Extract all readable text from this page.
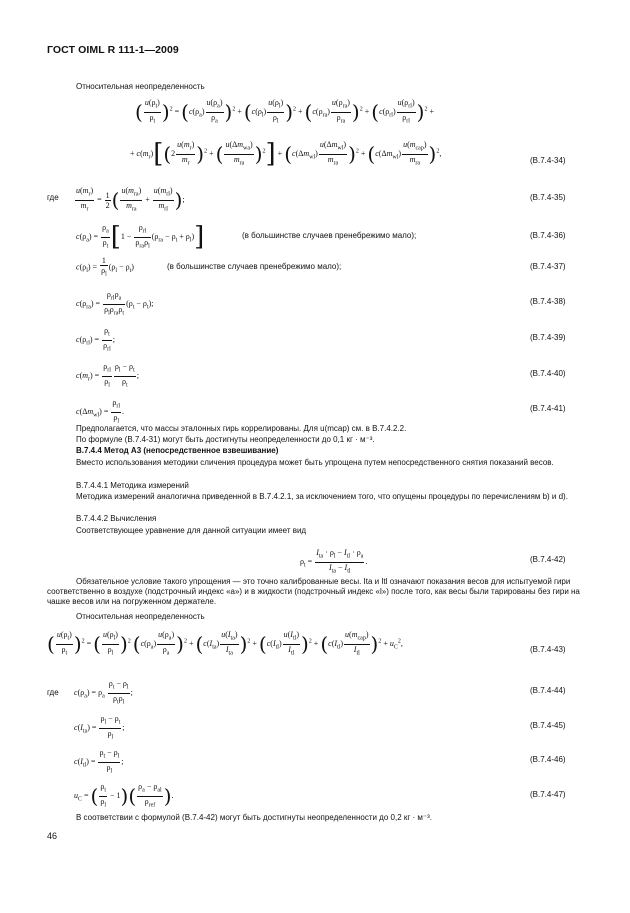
ГОСТ OIML R 111-1—2009
Относительная неопределенность
( $\frac{u(\rho_t)}{\rho_t} )^2 = (c(\rho_a) \frac{u(\rho_a)}{\rho_a} )^2 + (c(\rho_l) \frac{u(\rho_l)}{\rho_l} )^2 + (c(\rho_{ra}) \frac{u(\rho_{ra})}{\rho_{ra}} )^2 + (c(\rho_{rl}) \frac{u(\rho_{rl})}{\rho_{rl}} )^2$ +
+ $c(m_r)[(2 \frac{u(m_r)}{m_r} )^2$ + ( $\frac{u(\Delta m_{wa})}{m_{ra}} )^2] + (c(\Delta m_{wl}) \frac{u(\Delta m_{wl})}{m_{ra}} )^2 + (c(\Delta m_{wl}) \frac{u(m_{cap})}{m_{ra}} )^2$,
(B.7.4-34)
где $\frac{u(m_r)}{m_r} = \frac{1}{2}$ ( $\frac{u(m_{ra})}{m_{ra}} + \frac{u(m_{rl})}{m_{rl}}$ );	(B.7.4-35)
$c(\rho_a) = \frac{\rho_a}{\rho_t} [1 - \frac{\rho_{rl}}{\rho_{ra}\rho_l} (\rho_{ra} - \rho_t + \rho_l)]$	(в большинстве случаев пренебрежимо мало);	(B.7.4-36)
$c(\rho_l) = \frac{1}{\rho_l} (\rho_l - \rho_t)$	(в большинстве случаев пренебрежимо мало);	(B.7.4-37)
$c(\rho_{ra}) = \frac{\rho_{rl}\rho_a}{\rho_l\rho_{ra}\rho_t} (\rho_t - \rho_t)$;	(B.7.4-38)
$c(\rho_{rl}) = \frac{\rho_t}{\rho_{rl}}$ ;	(B.7.4-39)
$c(m_r) = \frac{\rho_{rl}}{\rho_l} \frac{\rho_l - \rho_t}{\rho_t}$ ;	(B.7.4-40)
$c(\Delta m_{wl}) = \frac{\rho_{rl}}{\rho_l}$ .	(B.7.4-41)
Предполагается, что массы эталонных гирь коррелированы. Для u(mcap) см. в B.7.4.2.2.
По формуле (B.7.4-31) могут быть достигнуты неопределенности до 0,1 кг · м⁻³.
B.7.4.4 Метод А3 (непосредственное взвешивание)
Вместо использования методики сличения процедура может быть упрощена путем непосредственного снятия показаний весов.
B.7.4.4.1 Методика измерений
Методика измерений аналогична приведенной в B.7.4.2.1, за исключением того, что опущены процедуры по перечислениям b) и d).
B.7.4.4.2 Вычисления
Соответствующее уравнение для данной ситуации имеет вид
$\rho_t = \frac{I_{ta} \cdot \rho_l - I_{tl} \cdot \rho_a}{I_{ta} - I_{tl}}$ .	(B.7.4-42)
Обязательное условие такого упрощения — это точно калиброванные весы. Ita и Itl означают показания весов для испытуемой гири соответственно в воздухе (подстрочный индекс «a») и в жидкости (подстрочный индекс «l») после того, как весы были тарированы без гири на чашке весов или на погруженном держателе.
Относительная неопределенность
( $\frac{u(\rho_t)}{\rho_t} )^2$ = ( $\frac{u(\rho_l)}{\rho_l} )^2$ $(c(\rho_a) \frac{u(\rho_a)}{\rho_a} )^2 + (c(I_{ta}) \frac{u(I_{ta})}{I_{ta}} )^2 + (c(I_{tl}) \frac{u(I_{tl})}{I_{tl}} )^2 + (c(I_{tl}) \frac{u(m_{cap})}{I_{tl}} )^2 + u_C^2$,
(B.7.4-43)
где $c(\rho_a) = \rho_a \frac{\rho_t - \rho_l}{\rho_t\rho_l}$ ;	(B.7.4-44)
$c(I_{ta}) = \frac{\rho_l - \rho_t}{\rho_l}$ ;	(B.7.4-45)
$c(I_{tl}) = \frac{\rho_t - \rho_l}{\rho_l}$ ;	(B.7.4-46)
$u_C$ = ( $\frac{\rho_t}{\rho_l} - 1)( \frac{\rho_a - \rho_{al}}{\rho_{ref}}$ ).	(B.7.4-47)
В соответствии с формулой (B.7.4-42) могут быть достигнуты неопределенности до 0,2 кг · м⁻³.
46
